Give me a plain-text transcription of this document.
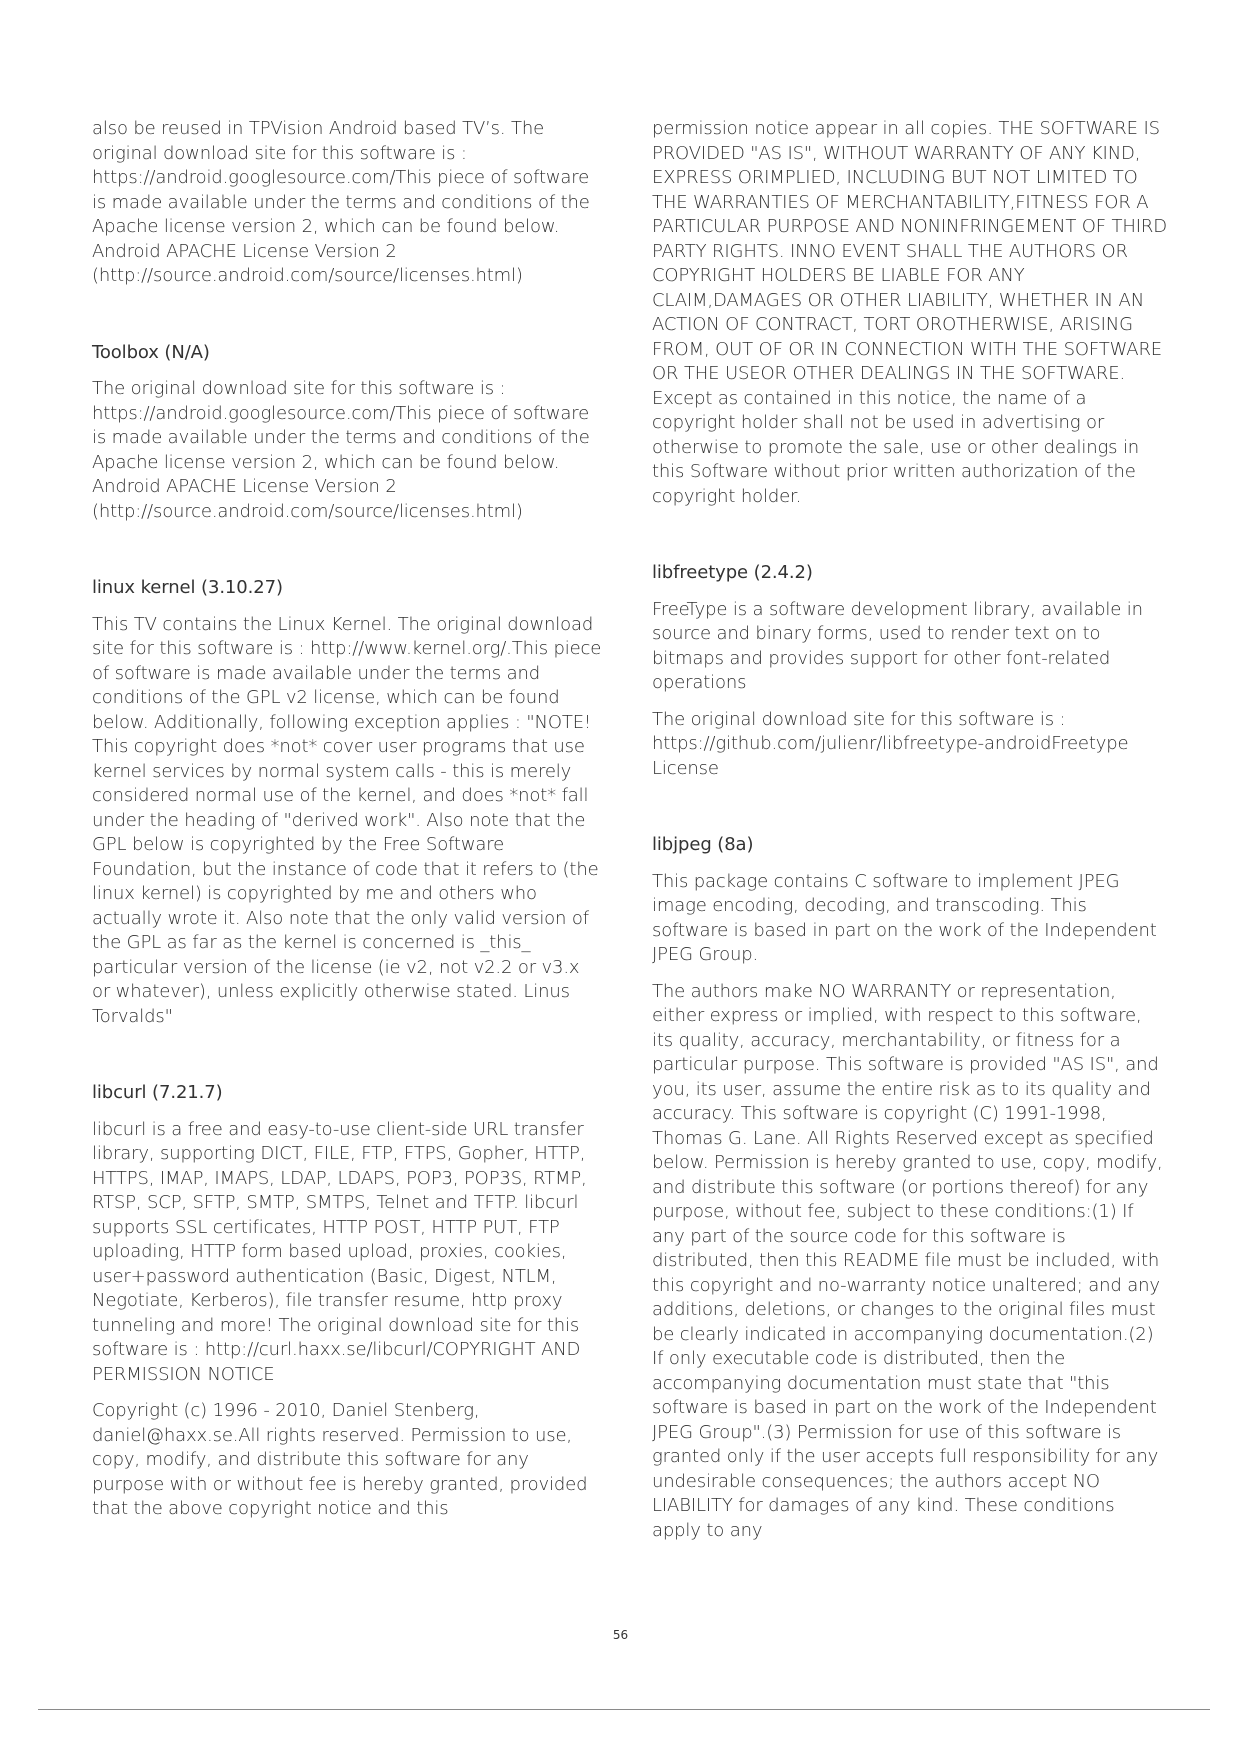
also be reused in TPVision Android based TV’s. The original download site for this software is : https://android.googlesource.com/This piece of software is made available under the terms and conditions of the Apache license version 2, which can be found below. Android APACHE License Version 2 (http://source.android.com/source/licenses.html)

Toolbox (N/A)

The original download site for this software is : https://android.googlesource.com/This piece of software is made available under the terms and conditions of the Apache license version 2, which can be found below. Android APACHE License Version 2 (http://source.android.com/source/licenses.html)

linux kernel (3.10.27)

This TV contains the Linux Kernel. The original download site for this software is : http://www.kernel.org/.This piece of software is made available under the terms and conditions of the GPL v2 license, which can be found below. Additionally, following exception applies : "NOTE! This copyright does *not* cover user programs that use kernel services by normal system calls - this is merely considered normal use of the kernel, and does *not* fall under the heading of "derived work". Also note that the GPL below is copyrighted by the Free Software Foundation, but the instance of code that it refers to (the linux kernel) is copyrighted by me and others who actually wrote it. Also note that the only valid version of the GPL as far as the kernel is concerned is _this_ particular version of the license (ie v2, not v2.2 or v3.x or whatever), unless explicitly otherwise stated. Linus Torvalds"

libcurl (7.21.7)

libcurl is a free and easy-to-use client-side URL transfer library, supporting DICT, FILE, FTP, FTPS, Gopher, HTTP, HTTPS, IMAP, IMAPS, LDAP, LDAPS, POP3, POP3S, RTMP, RTSP, SCP, SFTP, SMTP, SMTPS, Telnet and TFTP. libcurl supports SSL certificates, HTTP POST, HTTP PUT, FTP uploading, HTTP form based upload, proxies, cookies, user+password authentication (Basic, Digest, NTLM, Negotiate, Kerberos), file transfer resume, http proxy tunneling and more! The original download site for this software is : http://curl.haxx.se/libcurl/COPYRIGHT AND PERMISSION NOTICE

Copyright (c) 1996 - 2010, Daniel Stenberg, daniel@haxx.se.All rights reserved. Permission to use, copy, modify, and distribute this software for any purpose with or without fee is hereby granted, provided that the above copyright notice and this

permission notice appear in all copies. THE SOFTWARE IS PROVIDED "AS IS", WITHOUT WARRANTY OF ANY KIND, EXPRESS ORIMPLIED, INCLUDING BUT NOT LIMITED TO THE WARRANTIES OF MERCHANTABILITY,FITNESS FOR A PARTICULAR PURPOSE AND NONINFRINGEMENT OF THIRD PARTY RIGHTS. INNO EVENT SHALL THE AUTHORS OR COPYRIGHT HOLDERS BE LIABLE FOR ANY CLAIM,DAMAGES OR OTHER LIABILITY, WHETHER IN AN ACTION OF CONTRACT, TORT OROTHERWISE, ARISING FROM, OUT OF OR IN CONNECTION WITH THE SOFTWARE OR THE USEOR OTHER DEALINGS IN THE SOFTWARE. Except as contained in this notice, the name of a copyright holder shall not be used in advertising or otherwise to promote the sale, use or other dealings in this Software without prior written authorization of the copyright holder.

libfreetype (2.4.2)

FreeType is a software development library, available in source and binary forms, used to render text on to bitmaps and provides support for other font-related operations

The original download site for this software is : https://github.com/julienr/libfreetype-androidFreetype License

libjpeg (8a)

This package contains C software to implement JPEG image encoding, decoding, and transcoding. This software is based in part on the work of the Independent JPEG Group.

The authors make NO WARRANTY or representation, either express or implied, with respect to this software, its quality, accuracy, merchantability, or fitness for a particular purpose. This software is provided "AS IS", and you, its user, assume the entire risk as to its quality and accuracy. This software is copyright (C) 1991-1998, Thomas G. Lane. All Rights Reserved except as specified below. Permission is hereby granted to use, copy, modify, and distribute this software (or portions thereof) for any purpose, without fee, subject to these conditions:(1) If any part of the source code for this software is distributed, then this README file must be included, with this copyright and no-warranty notice unaltered; and any additions, deletions, or changes to the original files must be clearly indicated in accompanying documentation.(2) If only executable code is distributed, then the accompanying documentation must state that "this software is based in part on the work of the Independent JPEG Group".(3) Permission for use of this software is granted only if the user accepts full responsibility for any undesirable consequences; the authors accept NO LIABILITY for damages of any kind. These conditions apply to any

56
